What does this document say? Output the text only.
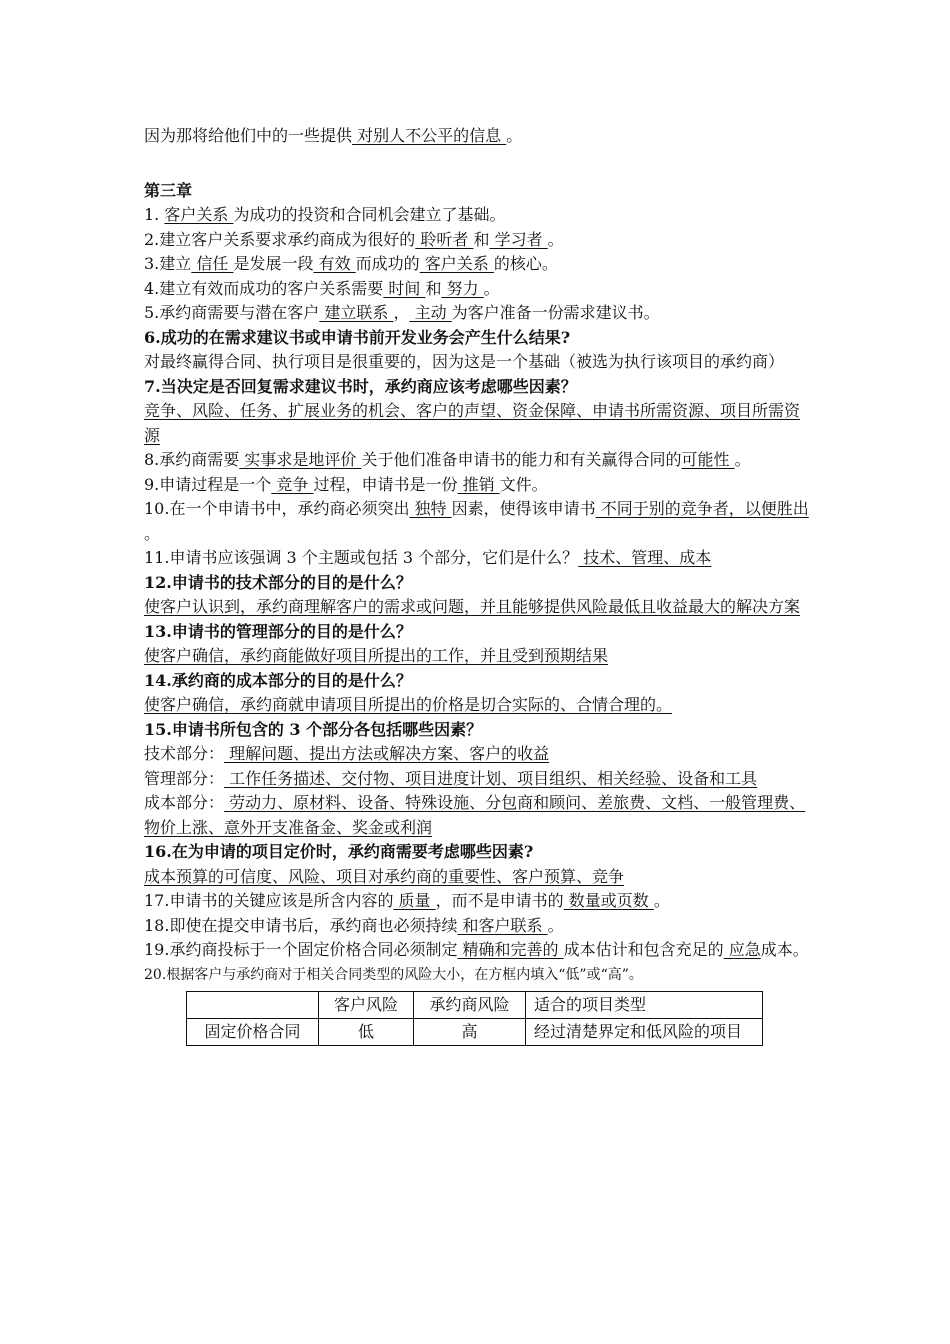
因为那将给他们中的一些提供 对别人不公平的信息 。

第三章

1. 客户关系 为成功的投资和合同机会建立了基础。

2.建立客户关系要求承约商成为很好的 聆听者 和 学习者 。

3.建立 信任 是发展一段 有效 而成功的 客户关系 的核心。

4.建立有效而成功的客户关系需要 时间 和 努力 。

5.承约商需要与潜在客户 建立联系 ， 主动 为客户准备一份需求建议书。

6.成功的在需求建议书或申请书前开发业务会产生什么结果?

对最终赢得合同、执行项目是很重要的，因为这是一个基础（被选为执行该项目的承约商）

7.当决定是否回复需求建议书时，承约商应该考虑哪些因素？

竞争、风险、任务、扩展业务的机会、客户的声望、资金保障、申请书所需资源、项目所需资源

8.承约商需要 实事求是地评价 关于他们准备申请书的能力和有关赢得合同的可能性 。

9.申请过程是一个 竞争 过程，申请书是一份 推销 文件。

10.在一个申请书中，承约商必须突出 独特 因素，使得该申请书 不同于别的竞争者，以便胜出 。

11.申请书应该强调 3 个主题或包括 3 个部分，它们是什么？ 技术、管理、成本

12.申请书的技术部分的目的是什么？

使客户认识到，承约商理解客户的需求或问题，并且能够提供风险最低且收益最大的解决方案

13.申请书的管理部分的目的是什么？

使客户确信，承约商能做好项目所提出的工作，并且受到预期结果

14.承约商的成本部分的目的是什么？

使客户确信，承约商就申请项目所提出的价格是切合实际的、合情合理的。

15.申请书所包含的 3 个部分各包括哪些因素？

技术部分： 理解问题、提出方法或解决方案、客户的收益

管理部分： 工作任务描述、交付物、项目进度计划、项目组织、相关经验、设备和工具

成本部分： 劳动力、原材料、设备、特殊设施、分包商和顾问、差旅费、文档、一般管理费、物价上涨、意外开支准备金、奖金或利润

16.在为申请的项目定价时，承约商需要考虑哪些因素?

成本预算的可信度、风险、项目对承约商的重要性、客户预算、竞争

17.申请书的关键应该是所含内容的 质量 ，而不是申请书的 数量或页数 。

18.即使在提交申请书后，承约商也必须持续 和客户联系 。

19.承约商投标于一个固定价格合同必须制定 精确和完善的 成本估计和包含充足的 应急成本。

20.根据客户与承约商对于相关合同类型的风险大小，在方框内填入“低”或“高”。

	客户风险	承约商风险	适合的项目类型
固定价格合同	低	高	经过清楚界定和低风险的项目
